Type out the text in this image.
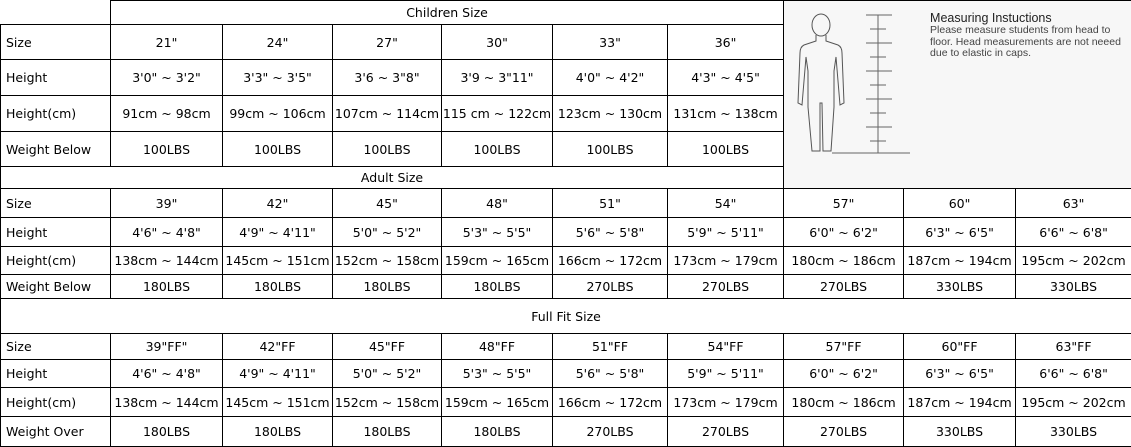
	Children Size						Measuring Instuctions
Please measure students from head to floor. Head measurements are not neeed due to elastic in caps.		

Size	21"	24"	27"	30"	33"	36"			
Height	3'0" ~ 3'2"	3'3" ~ 3'5"	3'6 ~ 3"8"	3'9 ~ 3"11"	4'0" ~ 4'2"	4'3" ~ 4'5"			
Height(cm)	91cm ~ 98cm	99cm ~ 106cm	107cm ~ 114cm	115 cm ~ 122cm	123cm ~ 130cm	131cm ~ 138cm			
Weight Below	100LBS	100LBS	100LBS	100LBS	100LBS	100LBS			
Adult Size									
Size	39"	42"	45"	48"	51"	54"	57"	60"	63"
Height	4'6" ~ 4'8"	4'9" ~ 4'11"	5'0" ~ 5'2"	5'3" ~ 5'5"	5'6" ~ 5'8"	5'9" ~ 5'11"	6'0" ~ 6'2"	6'3" ~ 6'5"	6'6" ~ 6'8"
Height(cm)	138cm ~ 144cm	145cm ~ 151cm	152cm ~ 158cm	159cm ~ 165cm	166cm ~ 172cm	173cm ~ 179cm	180cm ~ 186cm	187cm ~ 194cm	195cm ~ 202cm
Weight Below	180LBS	180LBS	180LBS	180LBS	270LBS	270LBS	270LBS	330LBS	330LBS
Full Fit Size									
Size	39"FF"	42"FF	45"FF	48"FF	51"FF	54"FF	57"FF	60"FF	63"FF
Height	4'6" ~ 4'8"	4'9" ~ 4'11"	5'0" ~ 5'2"	5'3" ~ 5'5"	5'6" ~ 5'8"	5'9" ~ 5'11"	6'0" ~ 6'2"	6'3" ~ 6'5"	6'6" ~ 6'8"
Height(cm)	138cm ~ 144cm	145cm ~ 151cm	152cm ~ 158cm	159cm ~ 165cm	166cm ~ 172cm	173cm ~ 179cm	180cm ~ 186cm	187cm ~ 194cm	195cm ~ 202cm
Weight Over	180LBS	180LBS	180LBS	180LBS	270LBS	270LBS	270LBS	330LBS	330LBS
